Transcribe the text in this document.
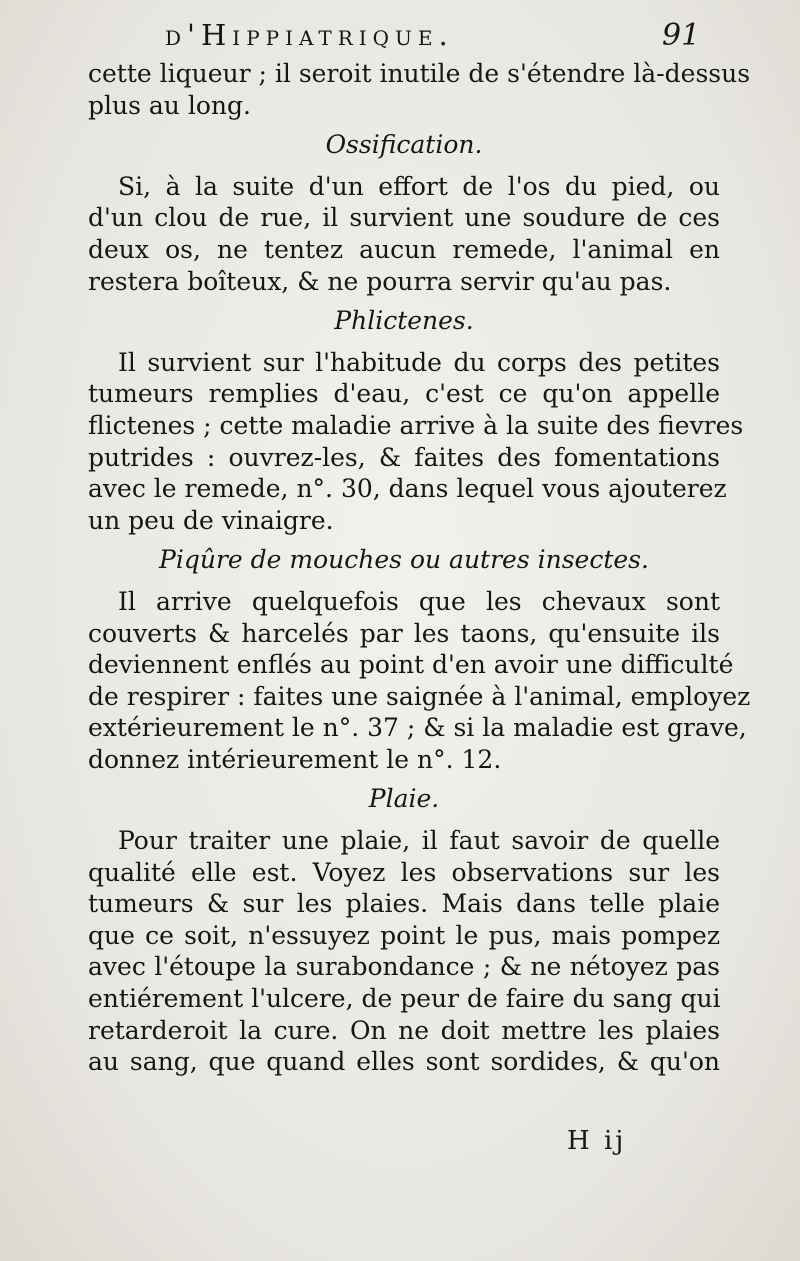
d'Hippiatrique.	91
cette liqueur ; il seroit inutile de s'étendre là-dessus
plus au long.
Ossification.
Si, à la suite d'un effort de l'os du pied, ou
d'un clou de rue, il survient une soudure de ces
deux os, ne tentez aucun remede, l'animal en
restera boîteux, & ne pourra servir qu'au pas.
Phlictenes.
Il survient sur l'habitude du corps des petites
tumeurs remplies d'eau, c'est ce qu'on appelle
flictenes ; cette maladie arrive à la suite des fievres
putrides : ouvrez-les, & faites des fomentations
avec le remede, n°. 30, dans lequel vous ajouterez
un peu de vinaigre.
Piqûre de mouches ou autres insectes.
Il arrive quelquefois que les chevaux sont
couverts & harcelés par les taons, qu'ensuite ils
deviennent enflés au point d'en avoir une difficulté
de respirer : faites une saignée à l'animal, employez
extérieurement le n°. 37 ; & si la maladie est grave,
donnez intérieurement le n°. 12.
Plaie.
Pour traiter une plaie, il faut savoir de quelle
qualité elle est. Voyez les observations sur les
tumeurs & sur les plaies. Mais dans telle plaie
que ce soit, n'essuyez point le pus, mais pompez
avec l'étoupe la surabondance ; & ne nétoyez pas
entiérement l'ulcere, de peur de faire du sang qui
retarderoit la cure. On ne doit mettre les plaies
au sang, que quand elles sont sordides, & qu'on
H ij
